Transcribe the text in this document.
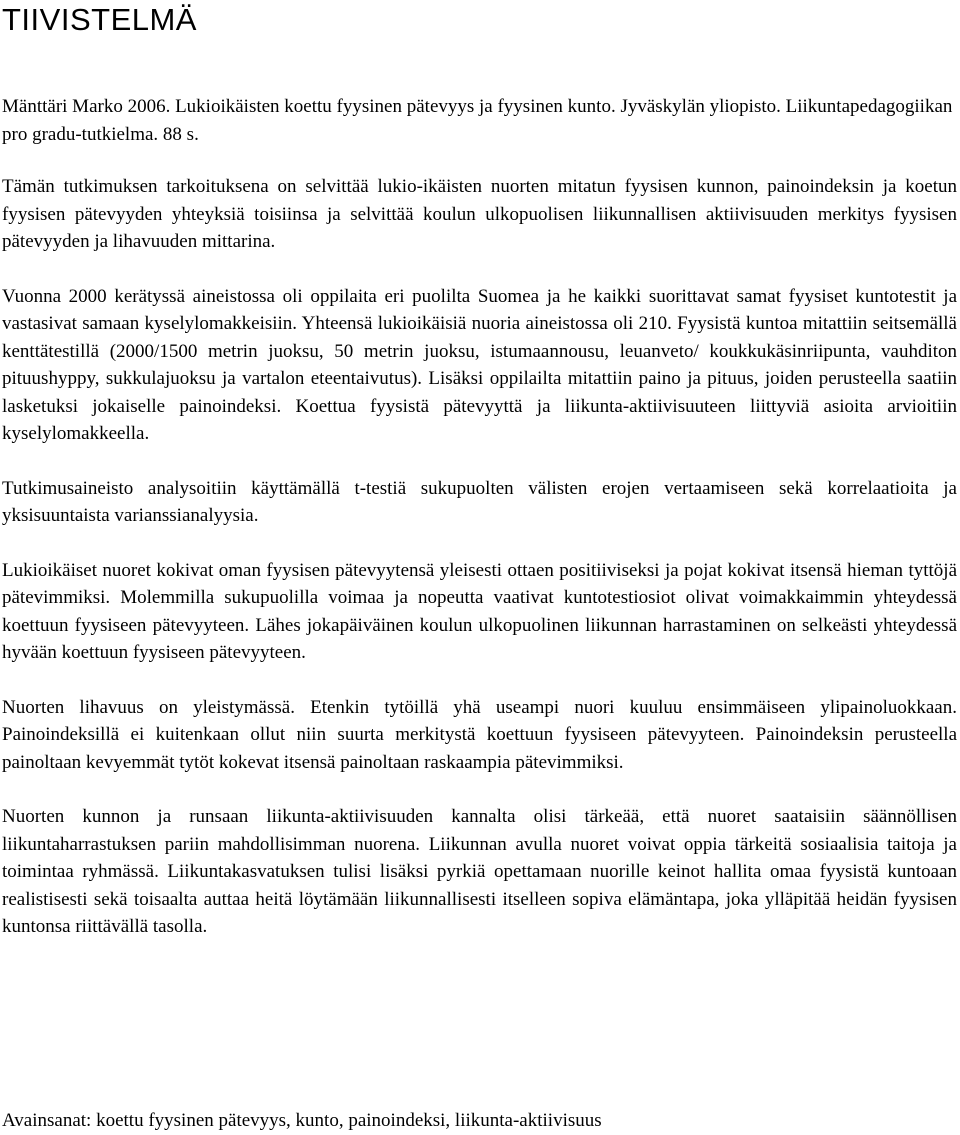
TIIVISTELMÄ

Mänttäri Marko 2006. Lukioikäisten koettu fyysinen pätevyys ja fyysinen kunto. Jyväskylän yliopisto. Liikuntapedagogiikan pro gradu-tutkielma. 88 s.

Tämän tutkimuksen tarkoituksena on selvittää lukio-ikäisten nuorten mitatun fyysisen kunnon, painoindeksin ja koetun fyysisen pätevyyden yhteyksiä toisiinsa ja selvittää koulun ulkopuolisen liikunnallisen aktiivisuuden merkitys fyysisen pätevyyden ja lihavuuden mittarina.

Vuonna 2000 kerätyssä aineistossa oli oppilaita eri puolilta Suomea ja he kaikki suorittavat samat fyysiset kuntotestit ja vastasivat samaan kyselylomakkeisiin. Yhteensä lukioikäisiä nuoria aineistossa oli 210. Fyysistä kuntoa mitattiin seitsemällä kenttätestillä (2000/1500 metrin juoksu, 50 metrin juoksu, istumaannousu, leuanveto/ koukkukäsinriipunta, vauhditon pituushyppy, sukkulajuoksu ja vartalon eteentaivutus). Lisäksi oppilailta mitattiin paino ja pituus, joiden perusteella saatiin lasketuksi jokaiselle painoindeksi. Koettua fyysistä pätevyyttä ja liikunta-aktiivisuuteen liittyviä asioita arvioitiin kyselylomakkeella.

Tutkimusaineisto analysoitiin käyttämällä t-testiä sukupuolten välisten erojen vertaamiseen sekä korrelaatioita ja yksisuuntaista varianssianalyysia.

Lukioikäiset nuoret kokivat oman fyysisen pätevyytensä yleisesti ottaen positiiviseksi ja pojat kokivat itsensä hieman tyttöjä pätevimmiksi. Molemmilla sukupuolilla voimaa ja nopeutta vaativat kuntotestiosiot olivat voimakkaimmin yhteydessä koettuun fyysiseen pätevyyteen. Lähes jokapäiväinen koulun ulkopuolinen liikunnan harrastaminen on selkeästi yhteydessä hyvään koettuun fyysiseen pätevyyteen.

Nuorten lihavuus on yleistymässä. Etenkin tytöillä yhä useampi nuori kuuluu ensimmäiseen ylipainoluokkaan. Painoindeksillä ei kuitenkaan ollut niin suurta merkitystä koettuun fyysiseen pätevyyteen. Painoindeksin perusteella painoltaan kevyemmät tytöt kokevat itsensä painoltaan raskaampia pätevimmiksi.

Nuorten kunnon ja runsaan liikunta-aktiivisuuden kannalta olisi tärkeää, että nuoret saataisiin säännöllisen liikuntaharrastuksen pariin mahdollisimman nuorena. Liikunnan avulla nuoret voivat oppia tärkeitä sosiaalisia taitoja ja toimintaa ryhmässä. Liikuntakasvatuksen tulisi lisäksi pyrkiä opettamaan nuorille keinot hallita omaa fyysistä kuntoaan realistisesti sekä toisaalta auttaa heitä löytämään liikunnallisesti itselleen sopiva elämäntapa, joka ylläpitää heidän fyysisen kuntonsa riittävällä tasolla.

Avainsanat: koettu fyysinen pätevyys, kunto, painoindeksi, liikunta-aktiivisuus
